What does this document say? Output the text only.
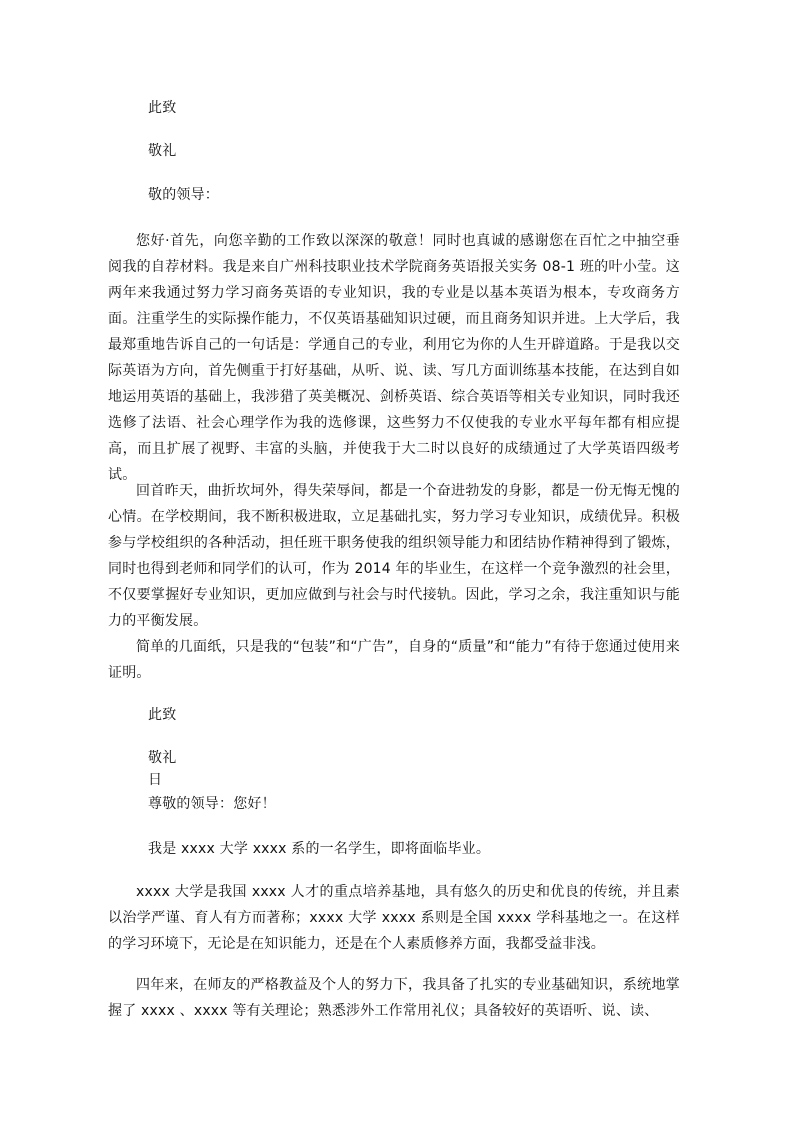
此致

敬礼

敬的领导：

您好·首先，向您辛勤的工作致以深深的敬意！同时也真诚的感谢您在百忙之中抽空垂阅我的自荐材料。我是来自广州科技职业技术学院商务英语报关实务 08-1 班的叶小莹。这两年来我通过努力学习商务英语的专业知识，我的专业是以基本英语为根本，专攻商务方面。注重学生的实际操作能力，不仅英语基础知识过硬，而且商务知识并进。上大学后，我最郑重地告诉自己的一句话是：学通自己的专业，利用它为你的人生开辟道路。于是我以交际英语为方向，首先侧重于打好基础，从听、说、读、写几方面训练基本技能，在达到自如地运用英语的基础上，我涉猎了英美概况、剑桥英语、综合英语等相关专业知识，同时我还选修了法语、社会心理学作为我的选修课，这些努力不仅使我的专业水平每年都有相应提高，而且扩展了视野、丰富的头脑，并使我于大二时以良好的成绩通过了大学英语四级考试。

回首昨天，曲折坎坷外，得失荣辱间，都是一个奋进勃发的身影，都是一份无悔无愧的心情。在学校期间，我不断积极进取，立足基础扎实，努力学习专业知识，成绩优异。积极参与学校组织的各种活动，担任班干职务使我的组织领导能力和团结协作精神得到了锻炼，同时也得到老师和同学们的认可，作为 2014 年的毕业生，在这样一个竞争激烈的社会里，不仅要掌握好专业知识，更加应做到与社会与时代接轨。因此，学习之余，我注重知识与能力的平衡发展。

简单的几面纸，只是我的“包装”和“广告”，自身的“质量”和“能力”有待于您通过使用来证明。

此致

敬礼

日

尊敬的领导：您好！

我是 xxxx 大学 xxxx 系的一名学生，即将面临毕业。

xxxx 大学是我国 xxxx 人才的重点培养基地，具有悠久的历史和优良的传统，并且素以治学严谨、育人有方而著称；xxxx 大学 xxxx 系则是全国 xxxx 学科基地之一。在这样的学习环境下，无论是在知识能力，还是在个人素质修养方面，我都受益非浅。

四年来，在师友的严格教益及个人的努力下，我具备了扎实的专业基础知识，系统地掌握了 xxxx 、xxxx 等有关理论；熟悉涉外工作常用礼仪；具备较好的英语听、说、读、
